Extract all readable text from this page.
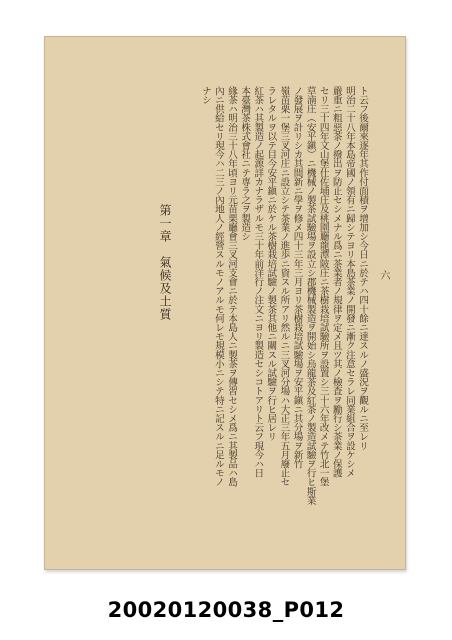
六
ト云フ後爾來逐年其作付面積ヲ增加シ今日ニ於テハ四十餘ニ達スルノ盛況ヲ觀ルニ至レリ
明治二十八年本島帝國ノ領有ニ歸シテヨリ本島茶業ノ開發ニ漸ク注意セラレ同業組合ヲ設ケシメ
嚴重ニ粗惡茶ノ撥出ヲ防止セシメナル爲ニ茶業者ノ規律ヲ定メ且ツ其ノ檢査ヲ勵行シ茶業ノ保護
セリ三十四年文山堡仕佐埔庄及桃園廳龍潭陂庄ニ茶樹栽培試驗所ヲ設置シ三十六年改メテ竹北一堡
草湳庄（安平鎭）ニ機械ノ製茶試驗場ヲ設立シ郡機械製造ヲ開始シ烏龍茶及紅茶ノ製造試驗ヲ行ヒ斯業
ノ發展ヲ計リシカ其間新ニ學ヲ修メ四十三年三月ヨリ茶樹栽培試驗場ヲ安平鎭ニ其分場ヲ新竹
嶺苗栗一堡三叉河庄ニ設立シテ茶業ノ進歩ニ資スル所アリ然ルニ三叉河分場ハ大正三年五月廢止セ
ラレタルヲ以テ目今安平鎭ニ於ケル茶樹栽培試驗ノ製茶其他ニ關スル試驗ヲ行ヒ居レリ
紅茶ハ其製造ノ起源詳カナラザルモ三十年前洋行ノ注文ニヨリ製造セシコトアリト云フ現今ハ日
本臺灣茶株式會社ニテ専ラ之ヲ製造シ
緣茶ハ明治三十八年頃ヨリ元苗栗廳會三叉河支會ニ於テ本島人ニ製茶ヲ傳習セシメ爲ニ其製品ハ島
內ニ供給セリ現今ハ二三ノ內地人ノ經營スルモノアルモ何レモ規模小ニシテ特ニ記スルニ足ルモノ
ナシ
第一章　氣候及土質
20020120038_P012
